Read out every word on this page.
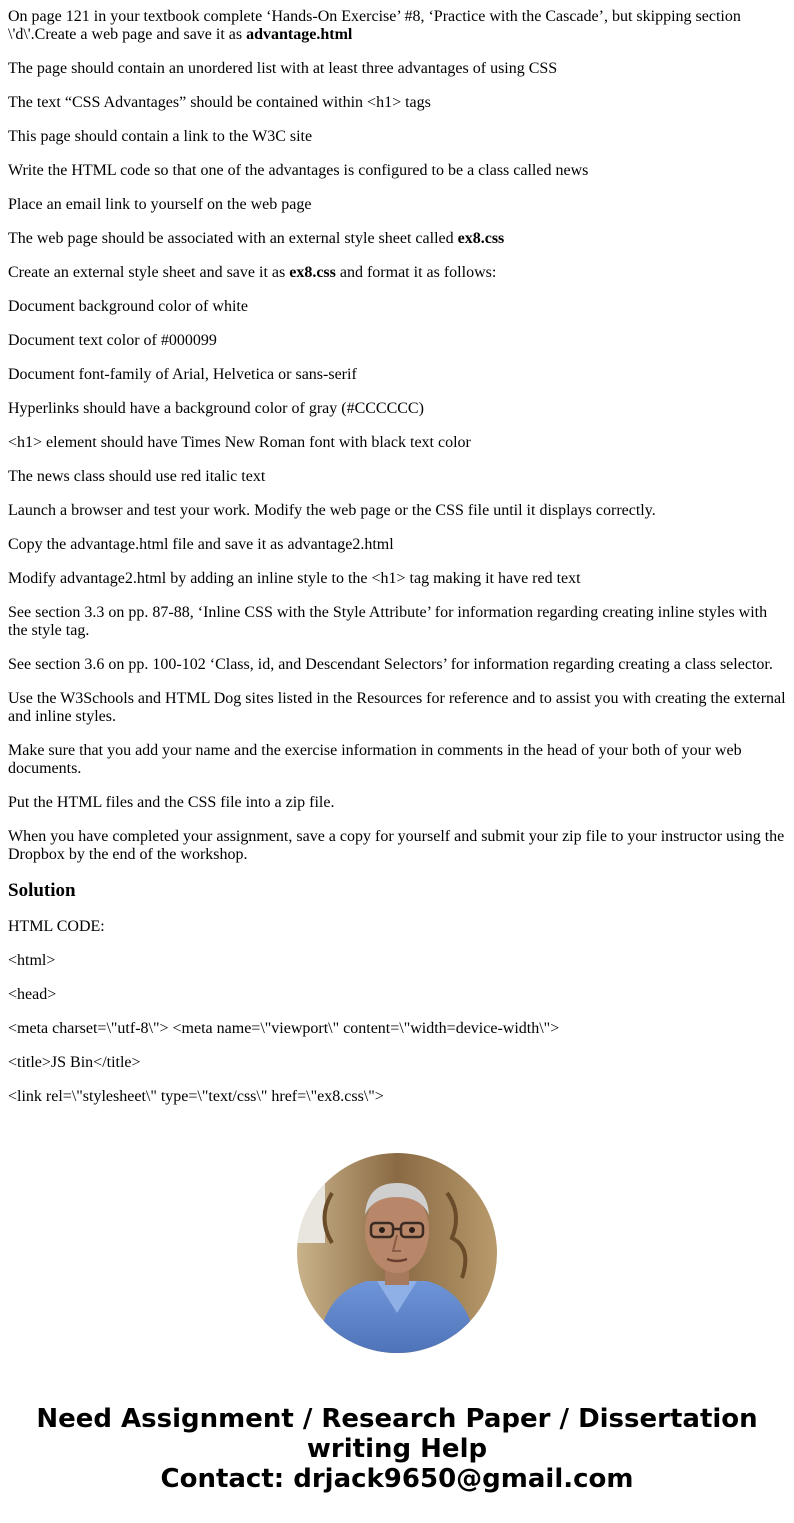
On page 121 in your textbook complete ‘Hands-On Exercise’ #8, ‘Practice with the Cascade’, but skipping section \'d\'.Create a web page and save it as advantage.html

The page should contain an unordered list with at least three advantages of using CSS

The text “CSS Advantages” should be contained within <h1> tags

This page should contain a link to the W3C site

Write the HTML code so that one of the advantages is configured to be a class called news

Place an email link to yourself on the web page

The web page should be associated with an external style sheet called ex8.css

Create an external style sheet and save it as ex8.css and format it as follows:

Document background color of white

Document text color of #000099

Document font-family of Arial, Helvetica or sans-serif

Hyperlinks should have a background color of gray (#CCCCCC)

<h1> element should have Times New Roman font with black text color

The news class should use red italic text

Launch a browser and test your work. Modify the web page or the CSS file until it displays correctly.

Copy the advantage.html file and save it as advantage2.html

Modify advantage2.html by adding an inline style to the <h1> tag making it have red text

See section 3.3 on pp. 87-88, ‘Inline CSS with the Style Attribute’ for information regarding creating inline styles with the style tag.

See section 3.6 on pp. 100-102 ‘Class, id, and Descendant Selectors’ for information regarding creating a class selector.

Use the W3Schools and HTML Dog sites listed in the Resources for reference and to assist you with creating the external and inline styles.

Make sure that you add your name and the exercise information in comments in the head of your both of your web documents.

Put the HTML files and the CSS file into a zip file.

When you have completed your assignment, save a copy for yourself and submit your zip file to your instructor using the Dropbox by the end of the workshop.

Solution

HTML CODE:

<html>

<head>

<meta charset=\"utf-8\"> <meta name=\"viewport\" content=\"width=device-width\">

<title>JS Bin</title>

<link rel=\"stylesheet\" type=\"text/css\" href=\"ex8.css\">

Need Assignment / Research Paper / Dissertation
writing Help
Contact: drjack9650@gmail.com
